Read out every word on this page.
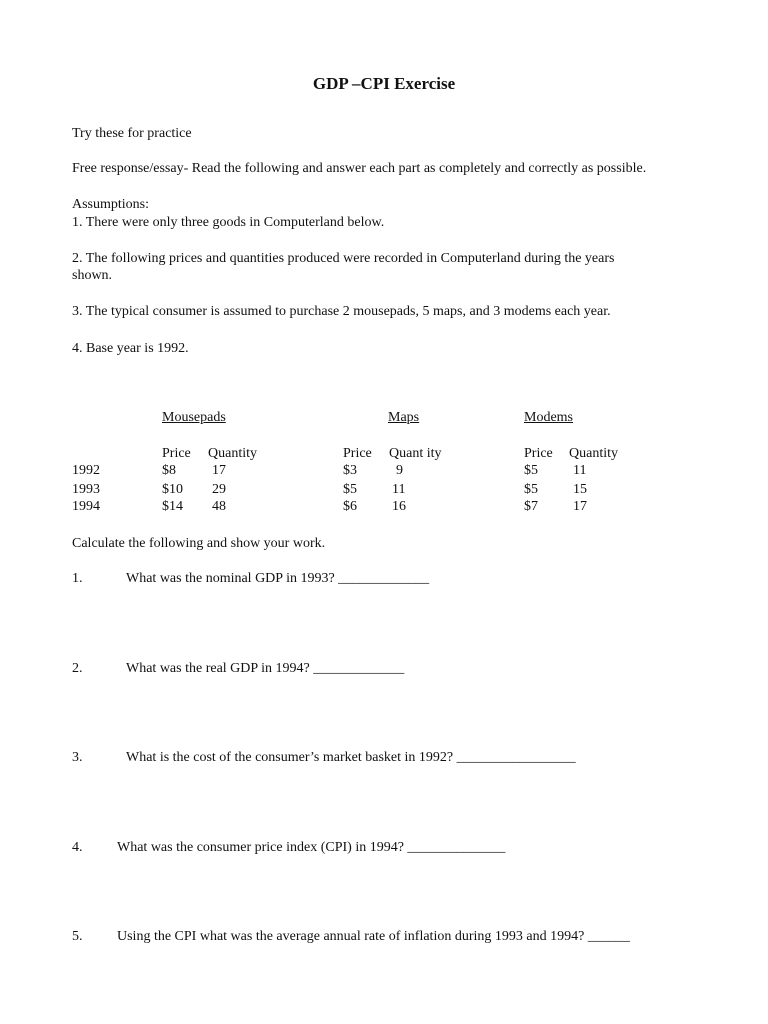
GDP –CPI Exercise
Try these for practice
Free response/essay- Read the following and answer each part as completely and correctly as possible.
Assumptions:
1. There were only three goods in Computerland below.
2. The following prices and quantities produced were recorded in Computerland during the years
shown.
3. The typical consumer is assumed to purchase 2 mousepads, 5 maps, and 3 modems each year.
4. Base year is 1992.
Mousepads	Maps	Modems
Price Quantity	Price Quant ity	Price Quantity
1992	$8	17	$3	9	$5	11
1993	$10 29	$5	11	$5	15
1994	$14 48	$6	16	$7	17
Calculate the following and show your work.
1.	What was the nominal GDP in 1993? _____________
2.	What was the real GDP in 1994? _____________
3.	What is the cost of the consumer’s market basket in 1992? _________________
4. What was the consumer price index (CPI) in 1994? ______________
5. Using the CPI what was the average annual rate of inflation during 1993 and 1994? ______
